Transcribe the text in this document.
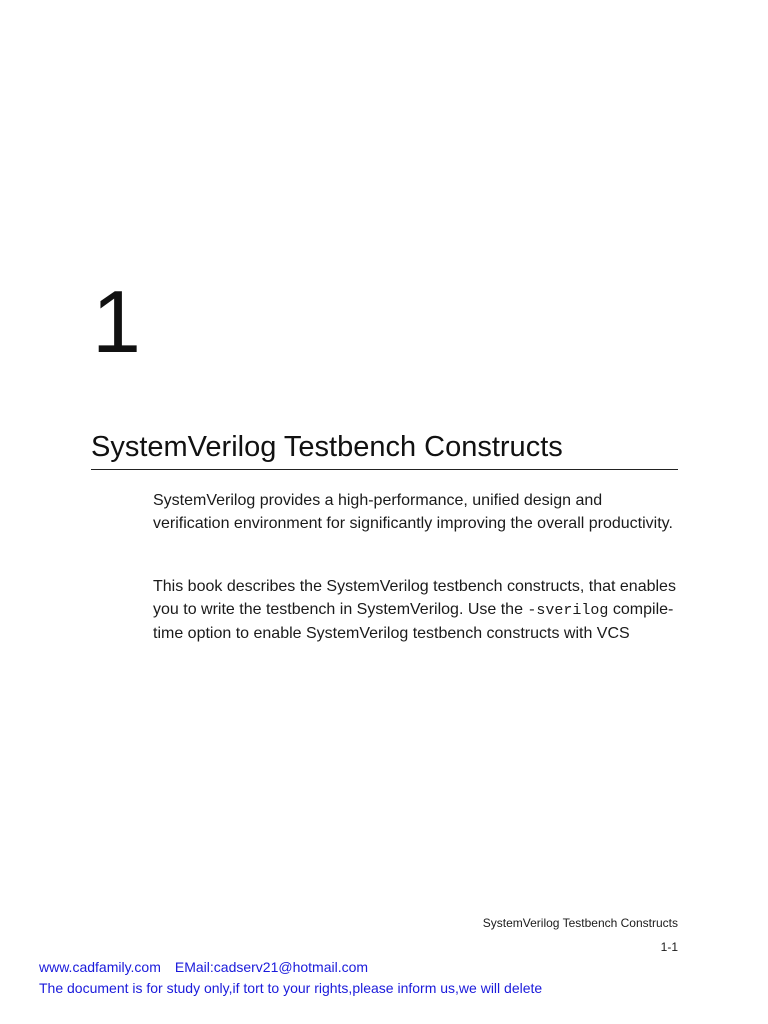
1
SystemVerilog Testbench Constructs

SystemVerilog provides a high-performance, unified design and verification environment for significantly improving the overall productivity.

This book describes the SystemVerilog testbench constructs, that enables you to write the testbench in SystemVerilog. Use the -sverilog compile-time option to enable SystemVerilog testbench constructs with VCS

SystemVerilog Testbench Constructs
1-1
www.cadfamily.com EMail:cadserv21@hotmail.com
The document is for study only,if tort to your rights,please inform us,we will delete
